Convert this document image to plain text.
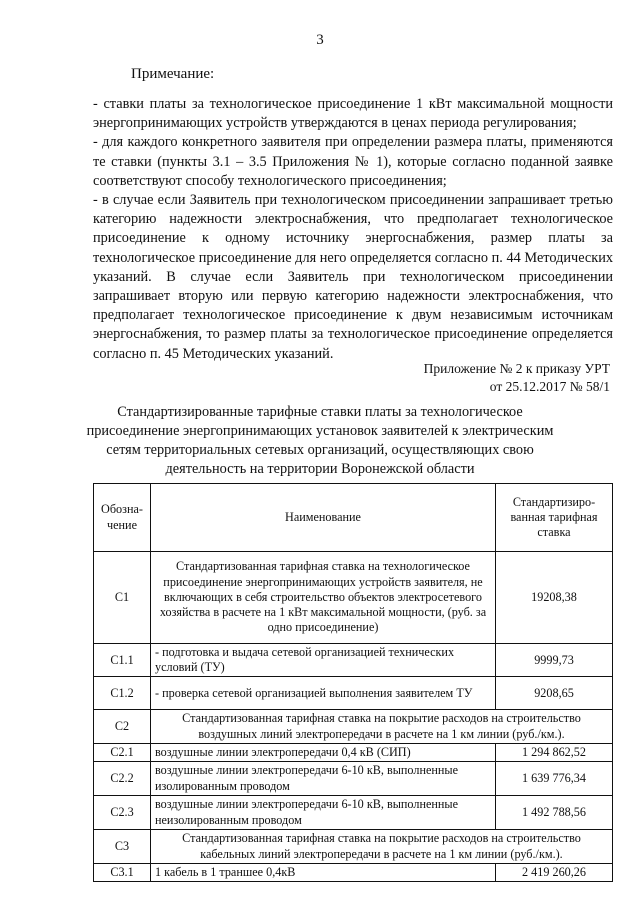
3
Примечание:

- ставки платы за технологическое присоединение 1 кВт максимальной мощности энергопринимающих устройств утверждаются в ценах периода регулирования;

- для каждого конкретного заявителя при определении размера платы, применяются те ставки (пункты 3.1 – 3.5 Приложения № 1), которые согласно поданной заявке соответствуют способу технологического присоединения;

- в случае если Заявитель при технологическом присоединении запрашивает третью категорию надежности электроснабжения, что предполагает технологическое присоединение к одному источнику энергоснабжения, размер платы за технологическое присоединение для него определяется согласно п. 44 Методических указаний. В случае если Заявитель при технологическом присоединении запрашивает вторую или первую категорию надежности электроснабжения, что предполагает технологическое присоединение к двум независимым источникам энергоснабжения, то размер платы за технологическое присоединение определяется согласно п. 45 Методических указаний.

Приложение № 2 к приказу УРТ
от 25.12.2017 № 58/1
Стандартизированные тарифные ставки платы за технологическое присоединение энергопринимающих установок заявителей к электрическим сетям территориальных сетевых организаций, осуществляющих свою деятельность на территории Воронежской области
Обозна-чение	Наименование	Стандартизиро-ванная тарифная ставка
С1	Стандартизованная тарифная ставка на технологическое присоединение энергопринимающих устройств заявителя, не включающих в себя строительство объектов электросетевого хозяйства в расчете на 1 кВт максимальной мощности, (руб. за одно присоединение)	19208,38
С1.1	- подготовка и выдача сетевой организацией технических условий (ТУ)	9999,73
С1.2	- проверка сетевой организацией выполнения заявителем ТУ	9208,65
С2	Стандартизованная тарифная ставка на покрытие расходов на строительство воздушных линий электропередачи в расчете на 1 км линии (руб./км.).	
С2.1	воздушные линии электропередачи 0,4 кВ (СИП)	1 294 862,52
С2.2	воздушные линии электропередачи 6-10 кВ, выполненные изолированным проводом	1 639 776,34
С2.3	воздушные линии электропередачи 6-10 кВ, выполненные неизолированным проводом	1 492 788,56
С3	Стандартизованная тарифная ставка на покрытие расходов на строительство кабельных линий электропередачи в расчете на 1 км линии (руб./км.).	
С3.1	1 кабель в 1 траншее 0,4кВ	2 419 260,26
